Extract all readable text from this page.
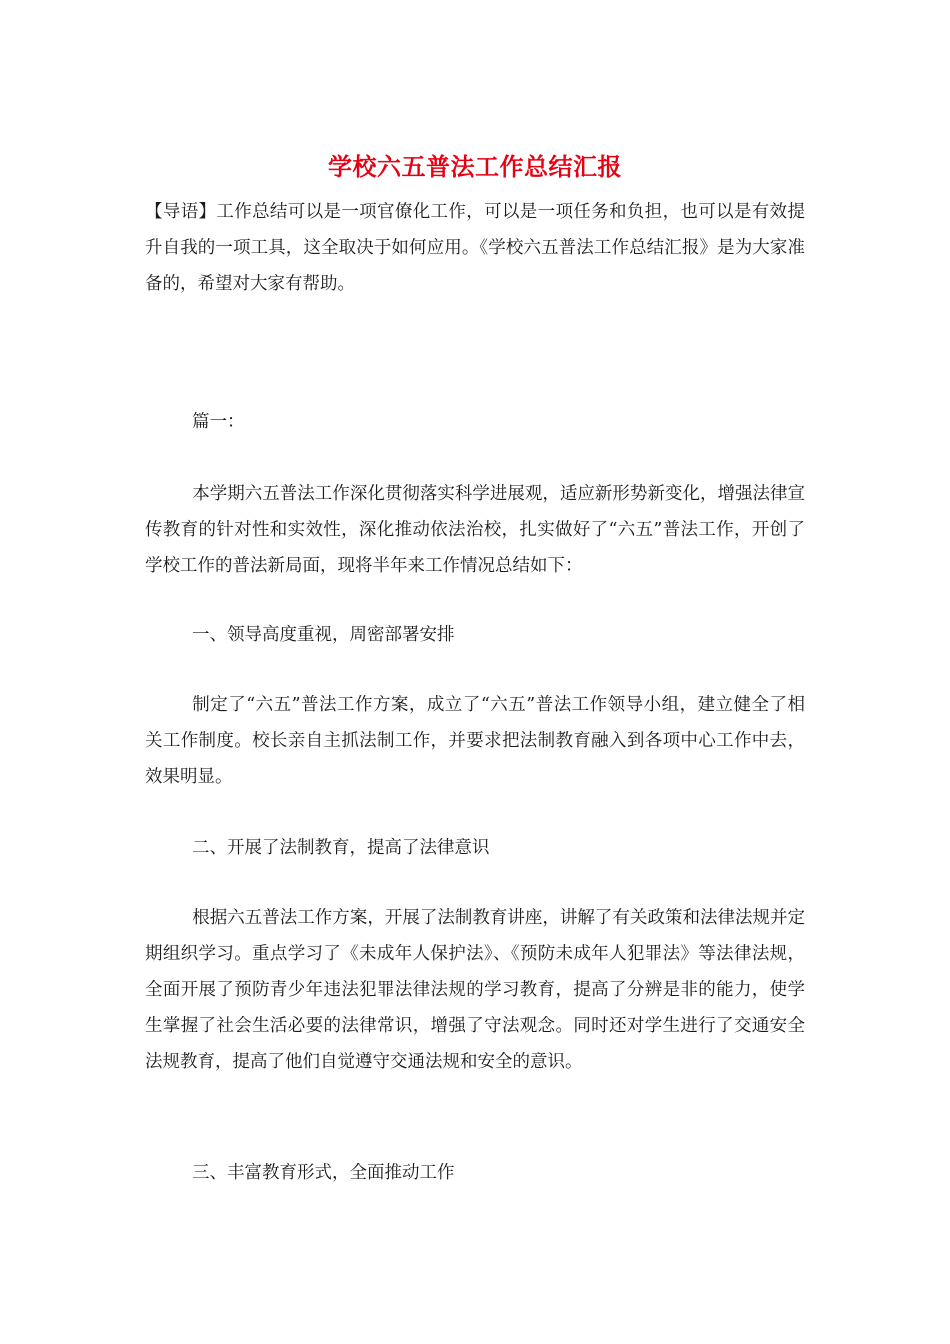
学校六五普法工作总结汇报

【导语】工作总结可以是一项官僚化工作，可以是一项任务和负担，也可以是有效提升自我的一项工具，这全取决于如何应用。《学校六五普法工作总结汇报》是为大家准备的，希望对大家有帮助。

篇一：

本学期六五普法工作深化贯彻落实科学进展观，适应新形势新变化，增强法律宣传教育的针对性和实效性，深化推动依法治校，扎实做好了“六五”普法工作，开创了学校工作的普法新局面，现将半年来工作情况总结如下：

一、领导高度重视，周密部署安排

制定了“六五”普法工作方案，成立了“六五”普法工作领导小组，建立健全了相关工作制度。校长亲自主抓法制工作，并要求把法制教育融入到各项中心工作中去，效果明显。

二、开展了法制教育，提高了法律意识

根据六五普法工作方案，开展了法制教育讲座，讲解了有关政策和法律法规并定期组织学习。重点学习了《未成年人保护法》、《预防未成年人犯罪法》等法律法规，全面开展了预防青少年违法犯罪法律法规的学习教育，提高了分辨是非的能力，使学生掌握了社会生活必要的法律常识，增强了守法观念。同时还对学生进行了交通安全法规教育，提高了他们自觉遵守交通法规和安全的意识。

三、丰富教育形式，全面推动工作
